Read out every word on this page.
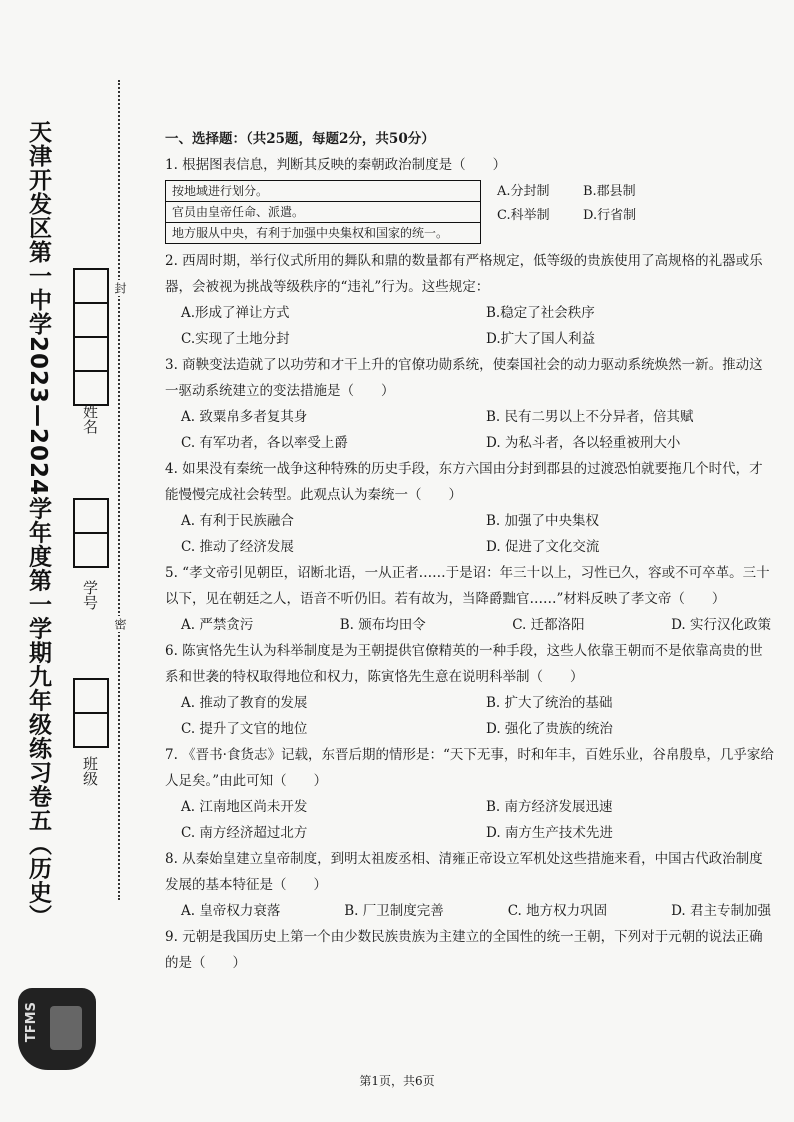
天津开发区第一中学2023—2024学年度第一学期九年级练习卷五（历史）	封
密
姓名
学号
班级
TFMS
一、选择题：（共25题，每题2分，共50分）
1. 根据图表信息，判断其反映的秦朝政治制度是（　　）
按地域进行划分。
官员由皇帝任命、派遣。
地方服从中央，有利于加强中央集权和国家的统一。
A.分封制	B.郡县制
C.科举制	D.行省制
2. 西周时期，举行仪式所用的舞队和鼎的数量都有严格规定，低等级的贵族使用了高规格的礼器或乐器，会被视为挑战等级秩序的“违礼”行为。这些规定：
A.形成了禅让方式	B.稳定了社会秩序
C.实现了土地分封	D.扩大了国人利益
3. 商鞅变法造就了以功劳和才干上升的官僚功勋系统，使秦国社会的动力驱动系统焕然一新。推动这一驱动系统建立的变法措施是（　　）
A. 致粟帛多者复其身	B. 民有二男以上不分异者，倍其赋
C. 有军功者，各以率受上爵	D. 为私斗者，各以轻重被刑大小
4. 如果没有秦统一战争这种特殊的历史手段，东方六国由分封到郡县的过渡恐怕就要拖几个时代，才能慢慢完成社会转型。此观点认为秦统一（　　）
A. 有利于民族融合	B. 加强了中央集权
C. 推动了经济发展	D. 促进了文化交流
5. “孝文帝引见朝臣，诏断北语，一从正者……于是诏：年三十以上，习性已久，容或不可卒革。三十以下，见在朝廷之人，语音不听仍旧。若有故为，当降爵黜官……”材料反映了孝文帝（　　）
A. 严禁贪污	B. 颁布均田令	C. 迁都洛阳	D. 实行汉化政策
6. 陈寅恪先生认为科举制度是为王朝提供官僚精英的一种手段，这些人依靠王朝而不是依靠高贵的世系和世袭的特权取得地位和权力，陈寅恪先生意在说明科举制（　　）
A. 推动了教育的发展	B. 扩大了统治的基础
C. 提升了文官的地位	D. 强化了贵族的统治
7. 《晋书·食货志》记载，东晋后期的情形是：“天下无事，时和年丰，百姓乐业，谷帛殷阜，几乎家给人足矣。”由此可知（　　）
A. 江南地区尚未开发	B. 南方经济发展迅速
C. 南方经济超过北方	D. 南方生产技术先进
8. 从秦始皇建立皇帝制度，到明太祖废丞相、清雍正帝设立军机处这些措施来看，中国古代政治制度发展的基本特征是（　　）
A. 皇帝权力衰落	B. 厂卫制度完善	C. 地方权力巩固	D. 君主专制加强
9. 元朝是我国历史上第一个由少数民族贵族为主建立的全国性的统一王朝，下列对于元朝的说法正确的是（　　）
第1页，共6页
